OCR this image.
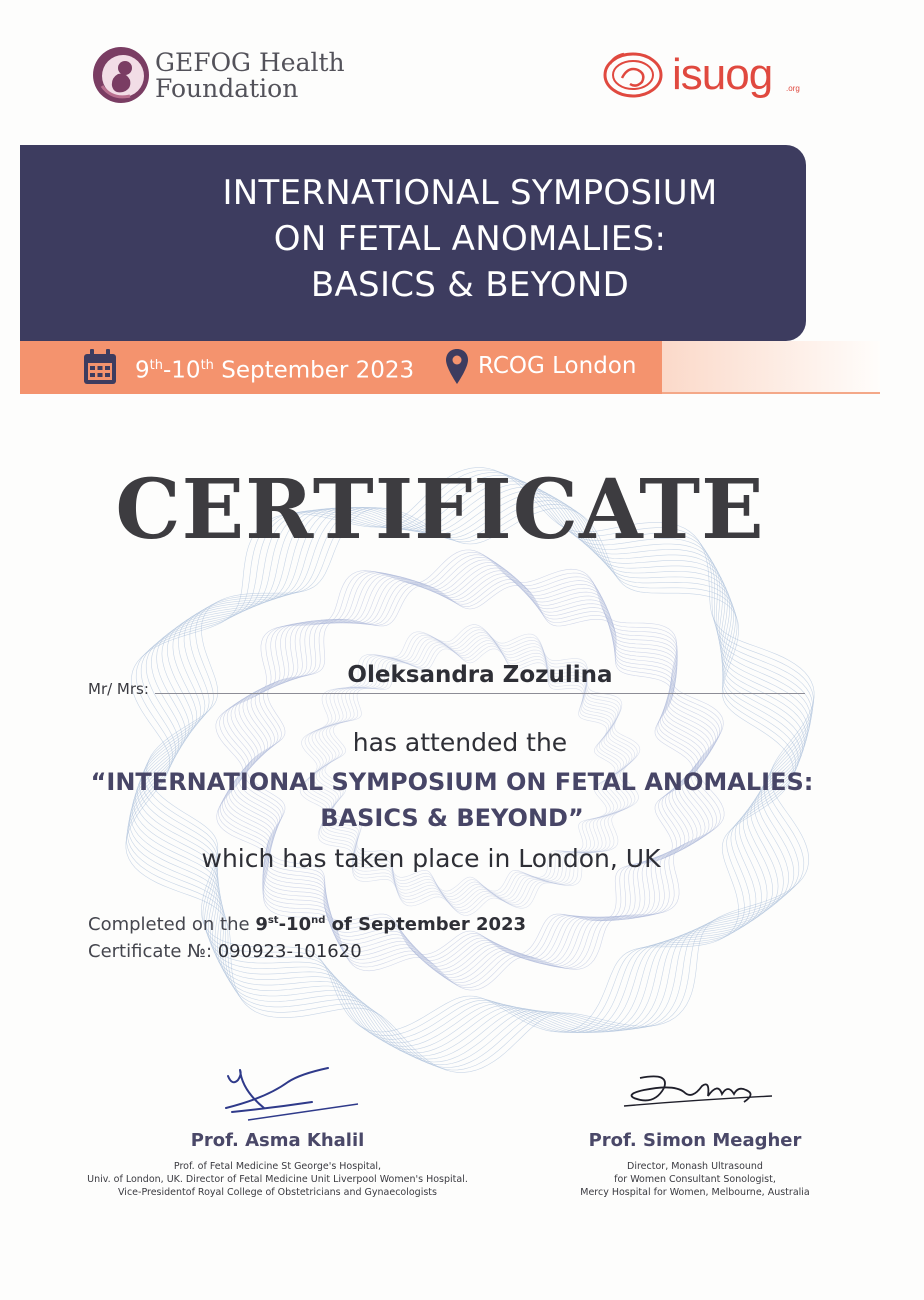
GEFOG Health
Foundation	isuog .org
INTERNATIONAL SYMPOSIUM
ON FETAL ANOMALIES:
BASICS & BEYOND
9th-10th September 2023	RCOG London
CERTIFICATE
Mr/ Mrs:
Oleksandra Zozulina
has attended the
“INTERNATIONAL SYMPOSIUM ON FETAL ANOMALIES:
BASICS & BEYOND”
which has taken place in London, UK
Completed on the 9st-10nd of September 2023
Certificate №: 090923-101620
Prof. Asma Khalil
Prof. of Fetal Medicine St George's Hospital,
Univ. of London, UK. Director of Fetal Medicine Unit Liverpool Women's Hospital.
Vice-Presidentof Royal College of Obstetricians and Gynaecologists
Prof. Simon Meagher
Director, Monash Ultrasound
for Women Consultant Sonologist,
Mercy Hospital for Women, Melbourne, Australia
